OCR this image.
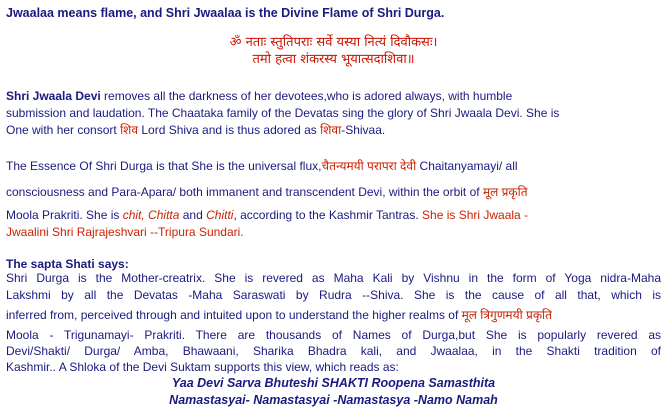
Jwaalaa means flame, and Shri Jwaalaa is the Divine Flame of Shri Durga.
ॐ नताः स्तुतिपराः सर्वे यस्या नित्यं दिवौकसः।
तमो हत्वा शंकरस्य भूयात्सदाशिवा॥
Shri Jwaala Devi removes all the darkness of her devotees,who is adored always, with humble
submission and laudation. The Chaataka family of the Devatas sing the glory of Shri Jwaala Devi. She is
One with her consort शिव Lord Shiva and is thus adored as शिवा-Shivaa.
The Essence Of Shri Durga is that She is the universal flux,चैतन्यमयी परापरा देवी Chaitanyamayi/ all
consciousness and Para-Apara/ both immanent and transcendent Devi, within the orbit of मूल प्रकृति
Moola Prakriti. She is chit, Chitta and Chitti, according to the Kashmir Tantras. She is Shri Jwaala -
Jwaalini Shri Rajrajeshvari --Tripura Sundari.
The sapta Shati says:
Shri Durga is the Mother-creatrix. She is revered as Maha Kali by Vishnu in the form of Yoga nidra-Maha
Lakshmi by all the Devatas -Maha Saraswati by Rudra --Shiva. She is the cause of all that, which is
inferred from, perceived through and intuited upon to understand the higher realms of मूल त्रिगुणमयी प्रकृति
Moola - Trigunamayi- Prakriti. There are thousands of Names of Durga,but She is popularly revered as
Devi/Shakti/ Durga/ Amba, Bhawaani, Sharika Bhadra kali, and Jwaalaa, in the Shakti tradition of
Kashmir.. A Shloka of the Devi Suktam supports this view, which reads as:
Yaa Devi Sarva Bhuteshi SHAKTI Roopena Samasthita
Namastasyai- Namastasyai -Namastasya -Namo Namah
